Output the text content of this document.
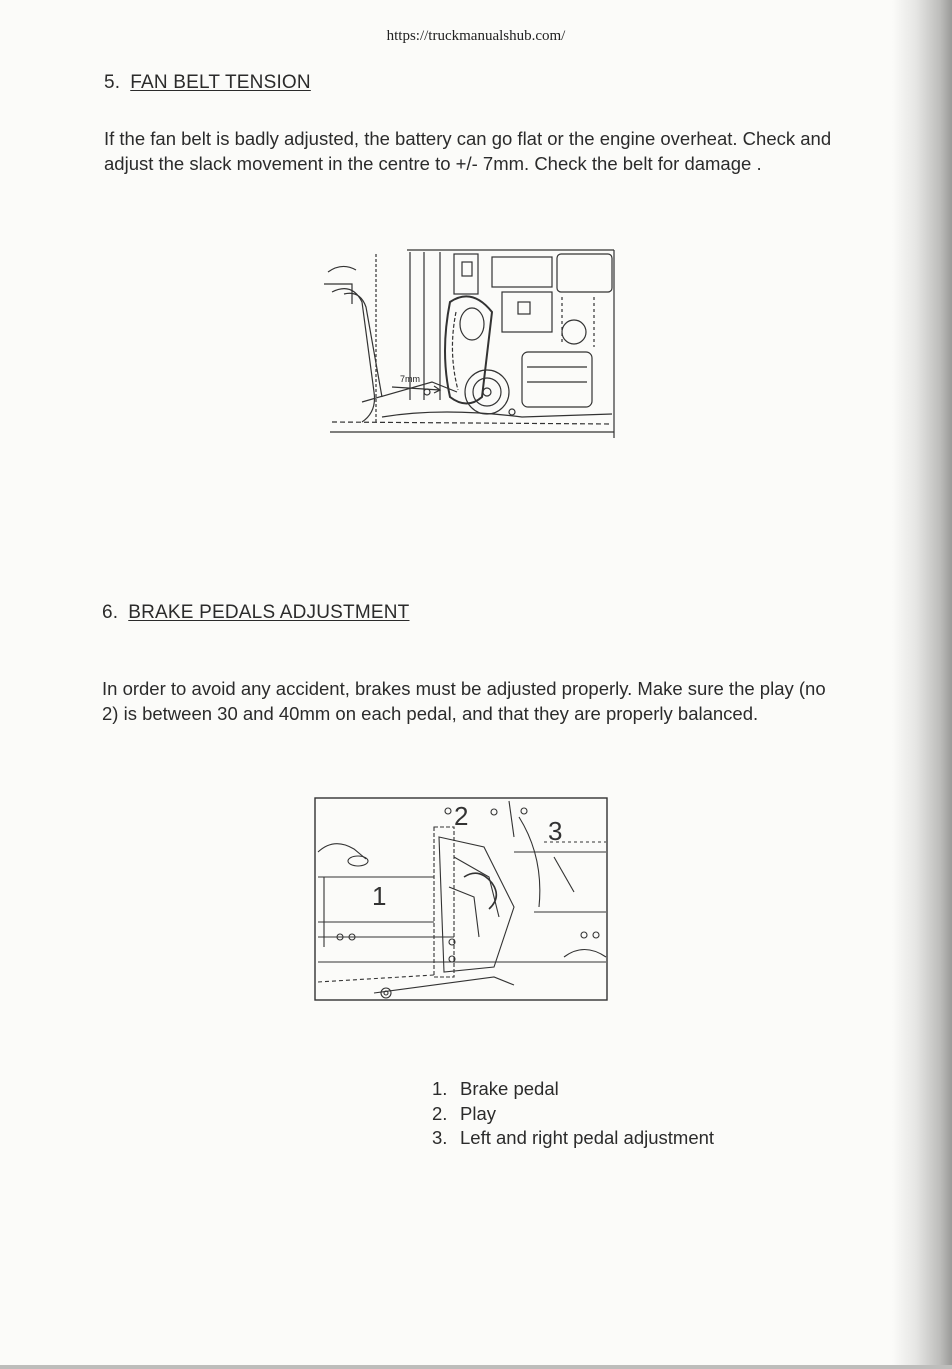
https://truckmanualshub.com/
5. FAN BELT TENSION
If the fan belt is badly adjusted, the battery can go flat or the engine overheat. Check and
adjust the slack movement in the centre to +/- 7mm. Check the belt for damage .
7mm
6. BRAKE PEDALS ADJUSTMENT
In order to avoid any accident, brakes must be adjusted properly. Make sure the play (no
2) is between 30 and 40mm on each pedal, and that they are properly balanced.
2	3
1
1. Brake pedal
2. Play
3. Left and right pedal adjustment
